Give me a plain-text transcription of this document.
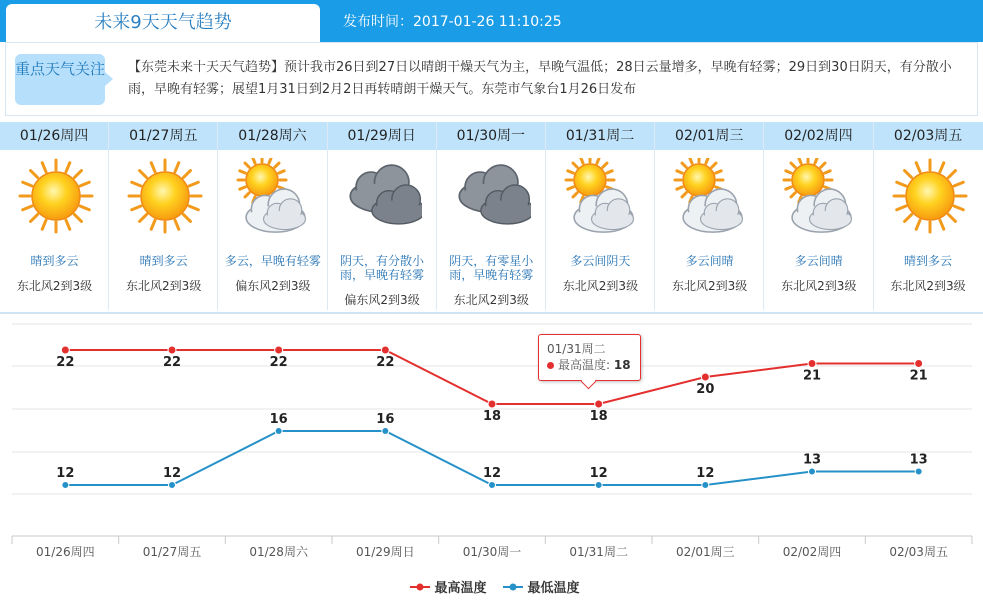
未来9天天气趋势	发布时间：2017-01-26 11:10:25
重点天气关注 【东莞未来十天天气趋势】预计我市26日到27日以晴朗干燥天气为主，早晚气温低；28日云量增多，早晚有轻雾；29日到30日阴天，有分散小雨，早晚有轻雾；展望1月31日到2月2日再转晴朗干燥天气。东莞市气象台1月26日发布
01/26周四
晴到多云
东北风2到3级
01/27周五
晴到多云
东北风2到3级
01/28周六
多云，早晚有轻雾
偏东风2到3级
01/29周日
阴天，有分散小雨，早晚有轻雾
偏东风2到3级
01/30周一
阴天，有零星小雨，早晚有轻雾
东北风2到3级
01/31周二
多云间阴天
东北风2到3级
02/01周三
多云间晴
东北风2到3级
02/02周四
多云间晴
东北风2到3级
02/03周五
晴到多云
东北风2到3级
01/26周四	01/27周五	01/28周六	01/29周日	01/30周一	01/31周二	02/01周三	02/02周四	02/03周五
22	22	22	22
18	18
20
21	21
12	12
16	16
12	12	12
13	13
最高温度	最低温度
01/31周二
最高温度: 18
